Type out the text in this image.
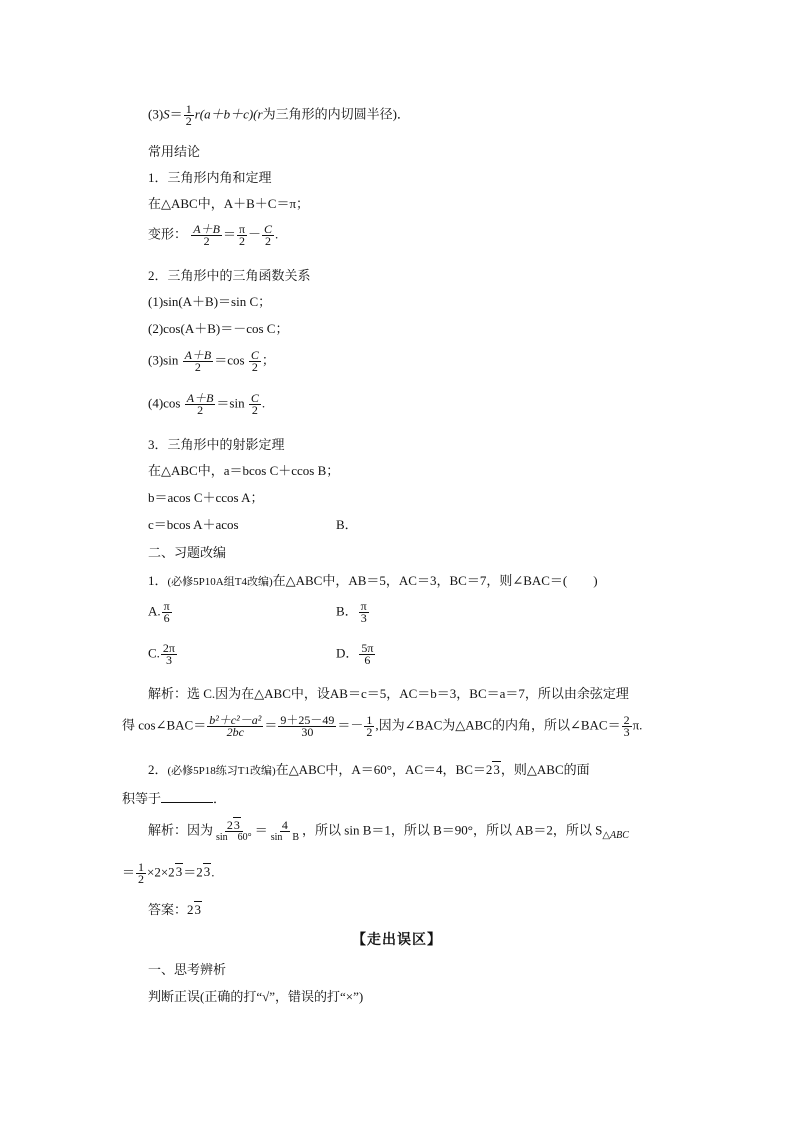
$(3)S= \frac{1}{2} r(a+b+c)(r$为三角形的内切圆半径)．
常用结论
1．三角形内角和定理
在△ABC中，A＋B＋C＝π；
变形： $\frac{A+B}{2} = \frac{\pi}{2} - \frac{C}{2}$ .
2．三角形中的三角函数关系
(1)sin(A＋B)＝sin C；
(2)cos(A＋B)＝－cos C；
$(3)\sin \frac{A+B}{2} =\cos \frac{C}{2}$ ；
$(4)\cos \frac{A+B}{2} =\sin \frac{C}{2}$ .
3．三角形中的射影定理
在△ABC中，a＝bcos C＋ccos B；
b＝acos C＋ccos A；
c＝bcos A＋acos	B．
二、习题改编
1．(必修5P10A组T4改编)在△ABC中，AB＝5，AC＝3，BC＝7，则∠BAC＝(　　)
A. $\frac{\pi}{6}$	B． $\frac{\pi}{3}$
C. $\frac{2\pi}{3}$	D． $\frac{5\pi}{6}$
解析：选 C.因为在△ABC中，设AB＝c＝5，AC＝b＝3，BC＝a＝7，所以由余弦定理
得 cos∠BAC＝ $\frac{\text{b²＋c²－a²}}{2bc} = \frac{9+25-49}{30} =- \frac{1}{2}$ ,因为∠BAC为△ABC的内角，所以∠BAC＝ $\frac{2}{3} \pi$.
2．(必修5P18练习T1改编)在△ABC中，A＝60°，AC＝4，BC＝23，则△ABC的面
积等于	．
解析：因为 $\frac{23}{\sin 60^\circ} = \frac{4}{\text{sin　B}}$ ，所以 sin B＝1，所以 B＝90°，所以 AB＝2，所以 $S_{\triangle ABC}$
＝ $\frac{1}{2} \times 2\times 23=23$.
答案：23
【走出误区】
一、思考辨析
判断正误(正确的打“√”，错误的打“×”)
